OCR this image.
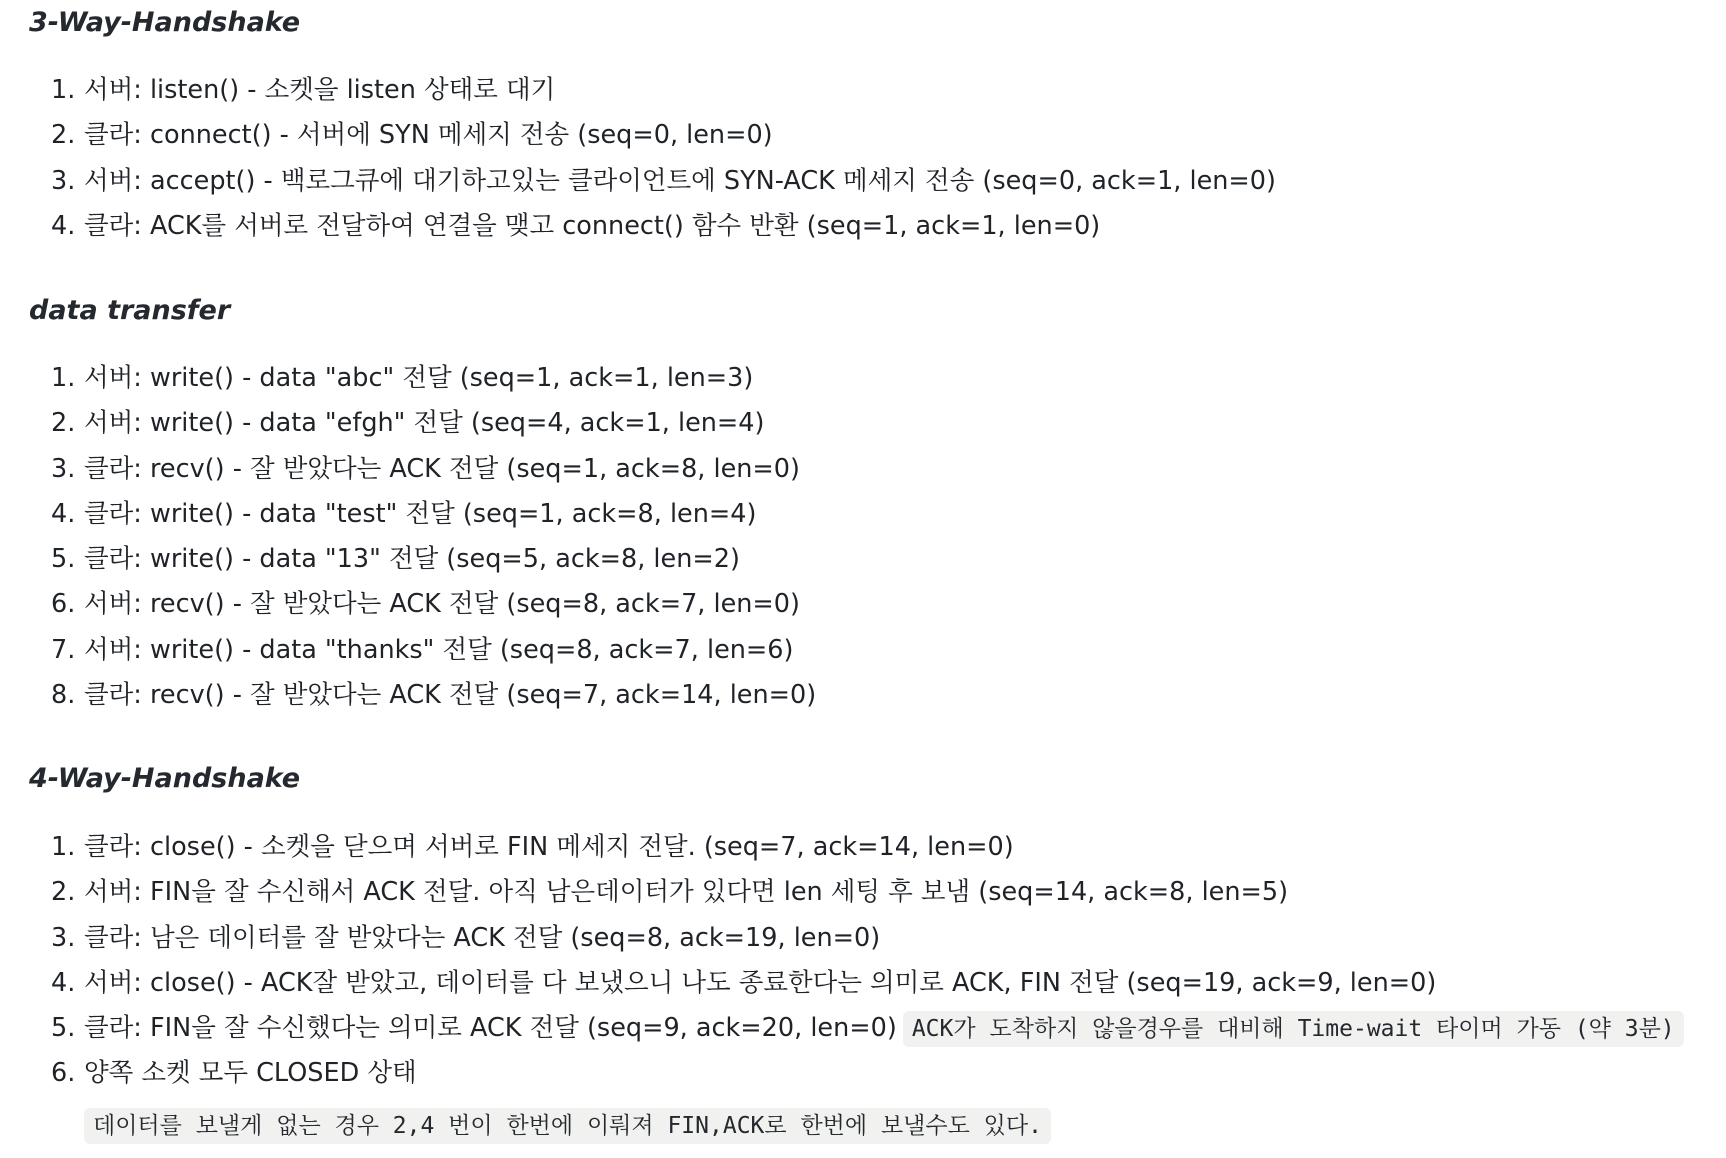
3-Way-Handshake
1. 서버: listen() - 소켓을 listen 상태로 대기
2. 클라: connect() - 서버에 SYN 메세지 전송 (seq=0, len=0)
3. 서버: accept() - 백로그큐에 대기하고있는 클라이언트에 SYN-ACK 메세지 전송 (seq=0, ack=1, len=0)
4. 클라: ACK를 서버로 전달하여 연결을 맺고 connect() 함수 반환 (seq=1, ack=1, len=0)
data transfer
1. 서버: write() - data "abc" 전달 (seq=1, ack=1, len=3)
2. 서버: write() - data "efgh" 전달 (seq=4, ack=1, len=4)
3. 클라: recv() - 잘 받았다는 ACK 전달 (seq=1, ack=8, len=0)
4. 클라: write() - data "test" 전달 (seq=1, ack=8, len=4)
5. 클라: write() - data "13" 전달 (seq=5, ack=8, len=2)
6. 서버: recv() - 잘 받았다는 ACK 전달 (seq=8, ack=7, len=0)
7. 서버: write() - data "thanks" 전달 (seq=8, ack=7, len=6)
8. 클라: recv() - 잘 받았다는 ACK 전달 (seq=7, ack=14, len=0)
4-Way-Handshake
1. 클라: close() - 소켓을 닫으며 서버로 FIN 메세지 전달. (seq=7, ack=14, len=0)
2. 서버: FIN을 잘 수신해서 ACK 전달. 아직 남은데이터가 있다면 len 세팅 후 보냄 (seq=14, ack=8, len=5)
3. 클라: 남은 데이터를 잘 받았다는 ACK 전달 (seq=8, ack=19, len=0)
4. 서버: close() - ACK잘 받았고, 데이터를 다 보냈으니 나도 종료한다는 의미로 ACK, FIN 전달 (seq=19, ack=9, len=0)
5. 클라: FIN을 잘 수신했다는 의미로 ACK 전달 (seq=9, ack=20, len=0) ACK가 도착하지 않을경우를 대비해 Time-wait 타이머 가동 (약 3분)
6. 양쪽 소켓 모두 CLOSED 상태
데이터를 보낼게 없는 경우 2,4 번이 한번에 이뤄져 FIN,ACK로 한번에 보낼수도 있다.
